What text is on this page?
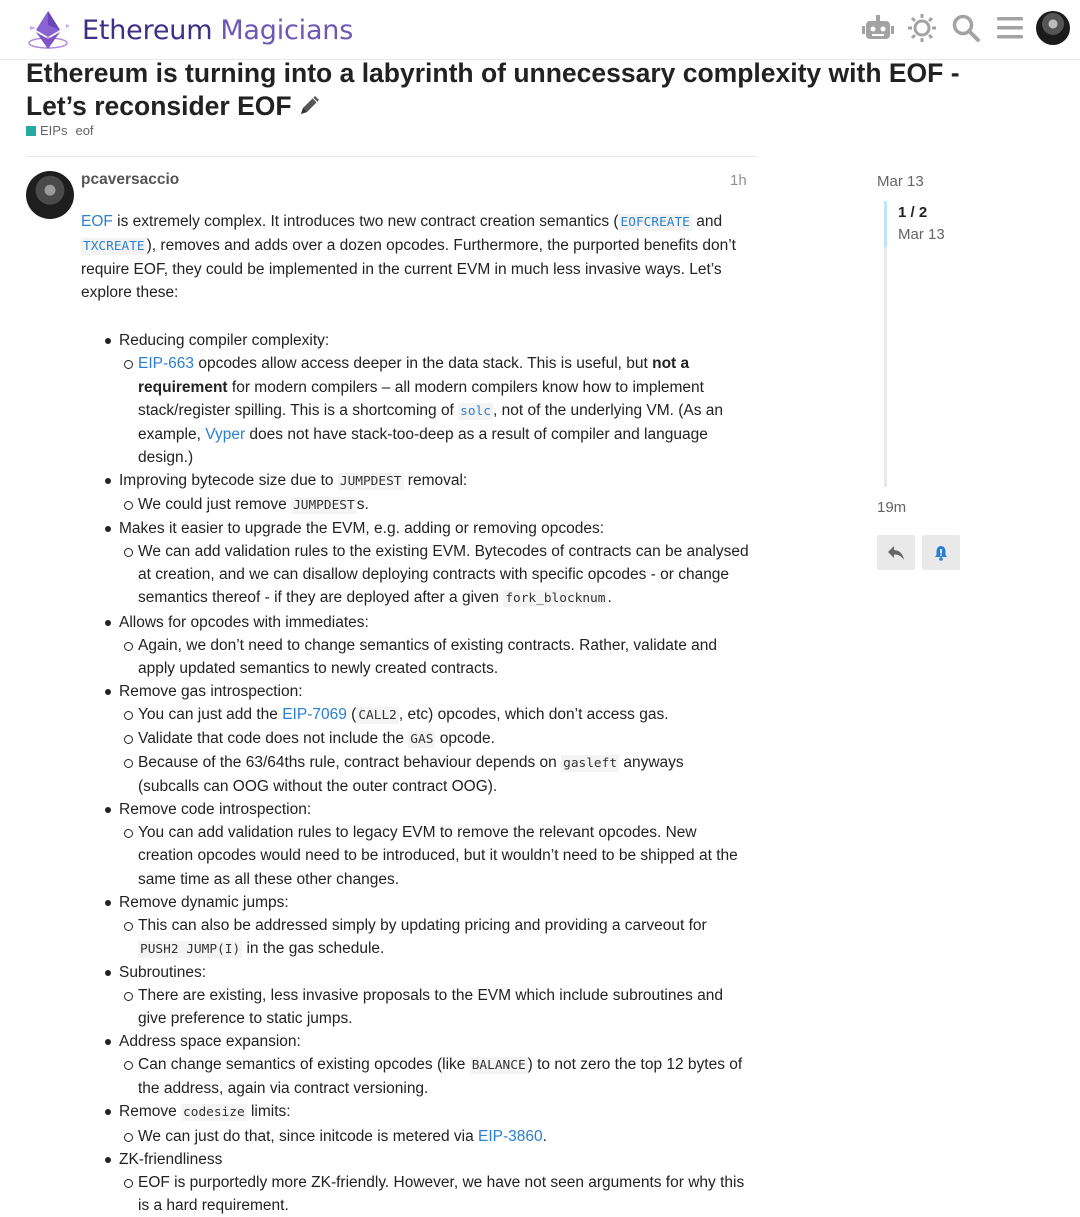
Ethereum Magicians
Ethereum is turning into a labyrinth of unnecessary complexity with EOF - Let’s reconsider EOF
EIPs eof
pcaversaccio	1h

EOF is extremely complex. It introduces two new contract creation semantics ( EOFCREATE and TXCREATE ), removes and adds over a dozen opcodes. Furthermore, the purported benefits don’t require EOF, they could be implemented in the current EVM in much less invasive ways. Let’s explore these:

Reducing compiler complexity:
EIP-663 opcodes allow access deeper in the data stack. This is useful, but not a requirement for modern compilers – all modern compilers know how to implement stack/register spilling. This is a shortcoming of solc , not of the underlying VM. (As an example, Vyper does not have stack-too-deep as a result of compiler and language design.)
Improving bytecode size due to JUMPDEST removal:
We could just remove JUMPDEST s.
Makes it easier to upgrade the EVM, e.g. adding or removing opcodes:
We can add validation rules to the existing EVM. Bytecodes of contracts can be analysed at creation, and we can disallow deploying contracts with specific opcodes - or change semantics thereof - if they are deployed after a given fork_blocknum .
Allows for opcodes with immediates:
Again, we don’t need to change semantics of existing contracts. Rather, validate and apply updated semantics to newly created contracts.
Remove gas introspection:
You can just add the EIP-7069 ( CALL2 , etc) opcodes, which don’t access gas.
Validate that code does not include the GAS opcode.
Because of the 63/64ths rule, contract behaviour depends on gasleft anyways (subcalls can OOG without the outer contract OOG).
Remove code introspection:
You can add validation rules to legacy EVM to remove the relevant opcodes. New creation opcodes would need to be introduced, but it wouldn’t need to be shipped at the same time as all these other changes.
Remove dynamic jumps:
This can also be addressed simply by updating pricing and providing a carveout for PUSH2 JUMP(I) in the gas schedule.
Subroutines:
There are existing, less invasive proposals to the EVM which include subroutines and give preference to static jumps.
Address space expansion:
Can change semantics of existing opcodes (like BALANCE ) to not zero the top 12 bytes of the address, again via contract versioning.
Remove codesize limits:
We can just do that, since initcode is metered via EIP-3860.
ZK-friendliness
EOF is purportedly more ZK-friendly. However, we have not seen arguments for why this is a hard requirement.
Mar 13
1 / 2
Mar 13
19m
